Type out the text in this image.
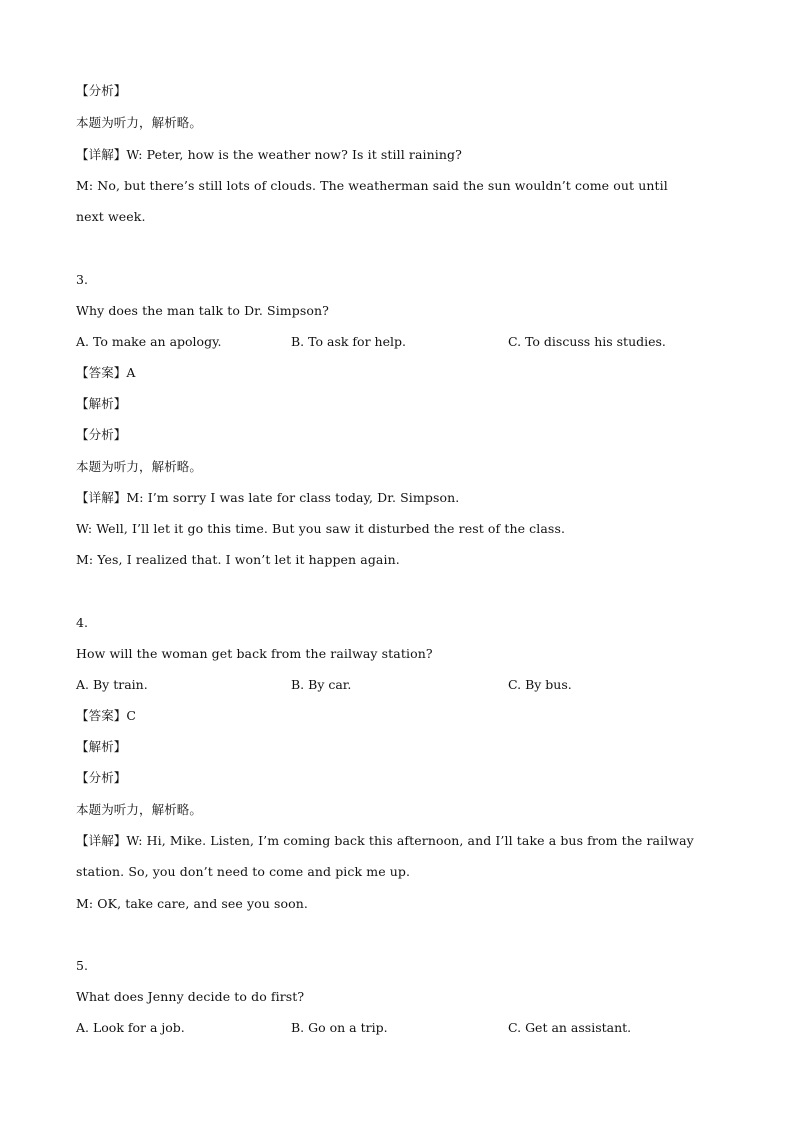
【分析】
本题为听力，解析略。
【详解】W: Peter, how is the weather now? Is it still raining?
M: No, but there’s still lots of clouds. The weatherman said the sun wouldn’t come out until
next week.
3.
Why does the man talk to Dr. Simpson?
A. To make an apology.	B. To ask for help.	C. To discuss his studies.
【答案】A
【解析】
【分析】
本题为听力，解析略。
【详解】M: I’m sorry I was late for class today, Dr. Simpson.
W: Well, I’ll let it go this time. But you saw it disturbed the rest of the class.
M: Yes, I realized that. I won’t let it happen again.
4.
How will the woman get back from the railway station?
A. By train.	B. By car.	C. By bus.
【答案】C
【解析】
【分析】
本题为听力，解析略。
【详解】W: Hi, Mike. Listen, I’m coming back this afternoon, and I’ll take a bus from the railway
station. So, you don’t need to come and pick me up.
M: OK, take care, and see you soon.
5.
What does Jenny decide to do first?
A. Look for a job.	B. Go on a trip.	C. Get an assistant.
